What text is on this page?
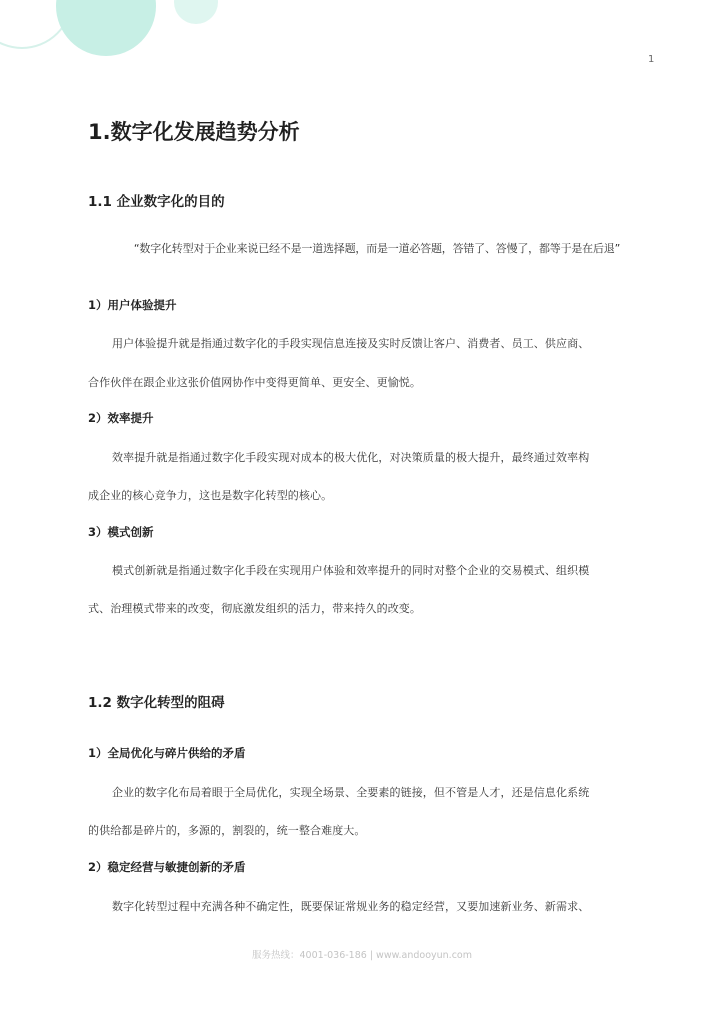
1
1.数字化发展趋势分析
1.1 企业数字化的目的
“数字化转型对于企业来说已经不是一道选择题，而是一道必答题，答错了、答慢了，都等于是在后退”
1）用户体验提升
用户体验提升就是指通过数字化的手段实现信息连接及实时反馈让客户、消费者、员工、供应商、
合作伙伴在跟企业这张价值网协作中变得更简单、更安全、更愉悦。
2）效率提升
效率提升就是指通过数字化手段实现对成本的极大优化，对决策质量的极大提升，最终通过效率构
成企业的核心竞争力，这也是数字化转型的核心。
3）模式创新
模式创新就是指通过数字化手段在实现用户体验和效率提升的同时对整个企业的交易模式、组织模
式、治理模式带来的改变，彻底激发组织的活力，带来持久的改变。
1.2 数字化转型的阻碍
1）全局优化与碎片供给的矛盾
企业的数字化布局着眼于全局优化，实现全场景、全要素的链接，但不管是人才，还是信息化系统
的供给都是碎片的，多源的，割裂的，统一整合难度大。
2）稳定经营与敏捷创新的矛盾
数字化转型过程中充满各种不确定性，既要保证常规业务的稳定经营，又要加速新业务、新需求、
服务热线：4001-036-186 | www.andooyun.com
